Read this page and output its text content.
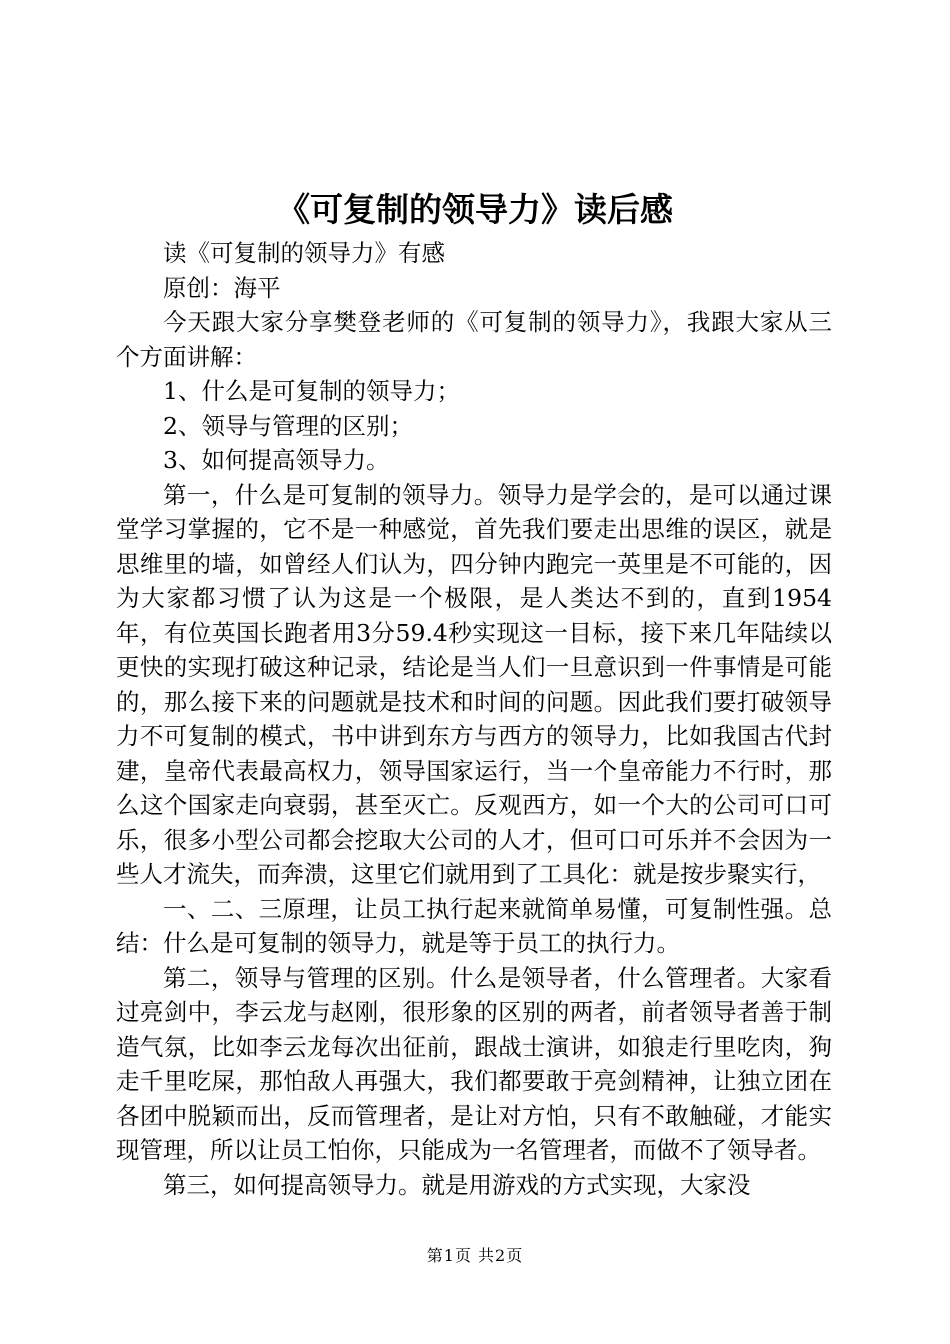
《可复制的领导力》读后感

读《可复制的领导力》有感

原创：海平

今天跟大家分享樊登老师的《可复制的领导力》，我跟大家从三个方面讲解：

1、什么是可复制的领导力；

2、领导与管理的区别；

3、如何提高领导力。

第一，什么是可复制的领导力。领导力是学会的，是可以通过课堂学习掌握的，它不是一种感觉，首先我们要走出思维的误区，就是思维里的墙，如曾经人们认为，四分钟内跑完一英里是不可能的，因为大家都习惯了认为这是一个极限，是人类达不到的，直到1954年，有位英国长跑者用3分59.4秒实现这一目标，接下来几年陆续以更快的实现打破这种记录，结论是当人们一旦意识到一件事情是可能的，那么接下来的问题就是技术和时间的问题。因此我们要打破领导力不可复制的模式，书中讲到东方与西方的领导力，比如我国古代封建，皇帝代表最高权力，领导国家运行，当一个皇帝能力不行时，那么这个国家走向衰弱，甚至灭亡。反观西方，如一个大的公司可口可乐，很多小型公司都会挖取大公司的人才，但可口可乐并不会因为一些人才流失，而奔溃，这里它们就用到了工具化：就是按步聚实行，

一、二、三原理，让员工执行起来就简单易懂，可复制性强。总结：什么是可复制的领导力，就是等于员工的执行力。

第二，领导与管理的区别。什么是领导者，什么管理者。大家看过亮剑中，李云龙与赵刚，很形象的区别的两者，前者领导者善于制造气氛，比如李云龙每次出征前，跟战士演讲，如狼走行里吃肉，狗走千里吃屎，那怕敌人再强大，我们都要敢于亮剑精神，让独立团在各团中脱颖而出，反而管理者，是让对方怕，只有不敢触碰，才能实现管理，所以让员工怕你，只能成为一名管理者，而做不了领导者。

第三，如何提高领导力。就是用游戏的方式实现，大家没

第1页 共2页
